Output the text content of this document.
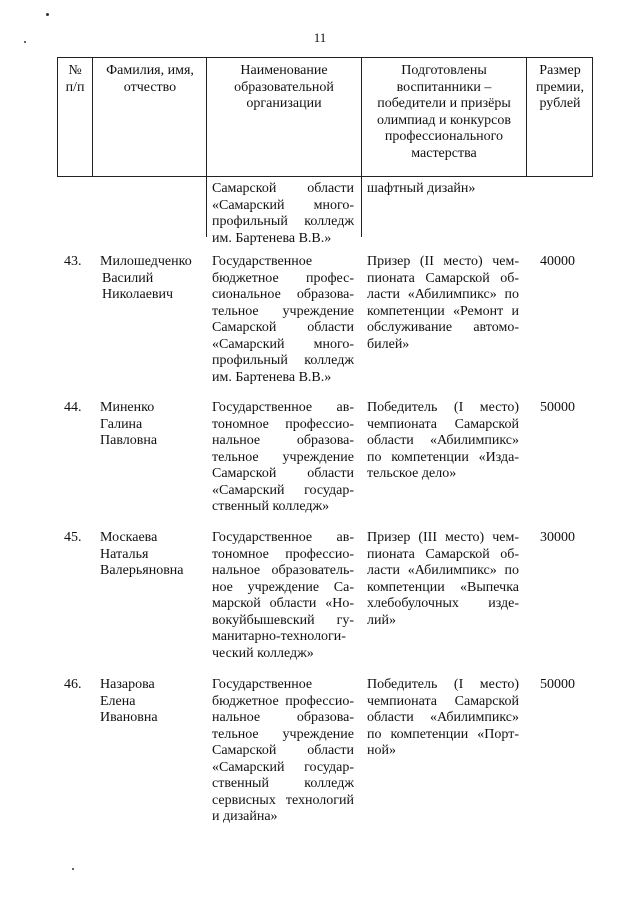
11
№ п/п
Фамилия, имя, отчество
Наименование образовательной организации
Подготовлены воспитанники – победители и призёры олимпиад и конкурсов профессионального мастерства
Размер премии, рублей
Самарской области
«Самарский много-
профильный колледж
им. Бартенева В.В.»
шафтный дизайн»
43. Милошедченко
Василий
Николаевич
Государственное
бюджетное профес-
сиональное образова-
тельное учреждение
Самарской области
«Самарский много-
профильный колледж
им. Бартенева В.В.»
Призер (II место) чем-
пионата Самарской об-
ласти «Абилимпикс» по
компетенции «Ремонт и
обслуживание автомо-
билей»
40000
44. Миненко
Галина
Павловна
Государственное ав-
тономное профессио-
нальное образова-
тельное учреждение
Самарской области
«Самарский государ-
ственный колледж»
Победитель (I место)
чемпионата Самарской
области «Абилимпикс»
по компетенции «Изда-
тельское дело»
50000
45. Москаева
Наталья
Валерьяновна
Государственное ав-
тономное профессио-
нальное образователь-
ное учреждение Са-
марской области «Но-
вокуйбышевский гу-
манитарно-технологи-
ческий колледж»
Призер (III место) чем-
пионата Самарской об-
ласти «Абилимпикс» по
компетенции «Выпечка
хлебобулочных изде-
лий»
30000
46. Назарова
Елена
Ивановна
Государственное
бюджетное профессио-
нальное образова-
тельное учреждение
Самарской области
«Самарский государ-
ственный колледж
сервисных технологий
и дизайна»
Победитель (I место)
чемпионата Самарской
области «Абилимпикс»
по компетенции «Порт-
ной»
50000
